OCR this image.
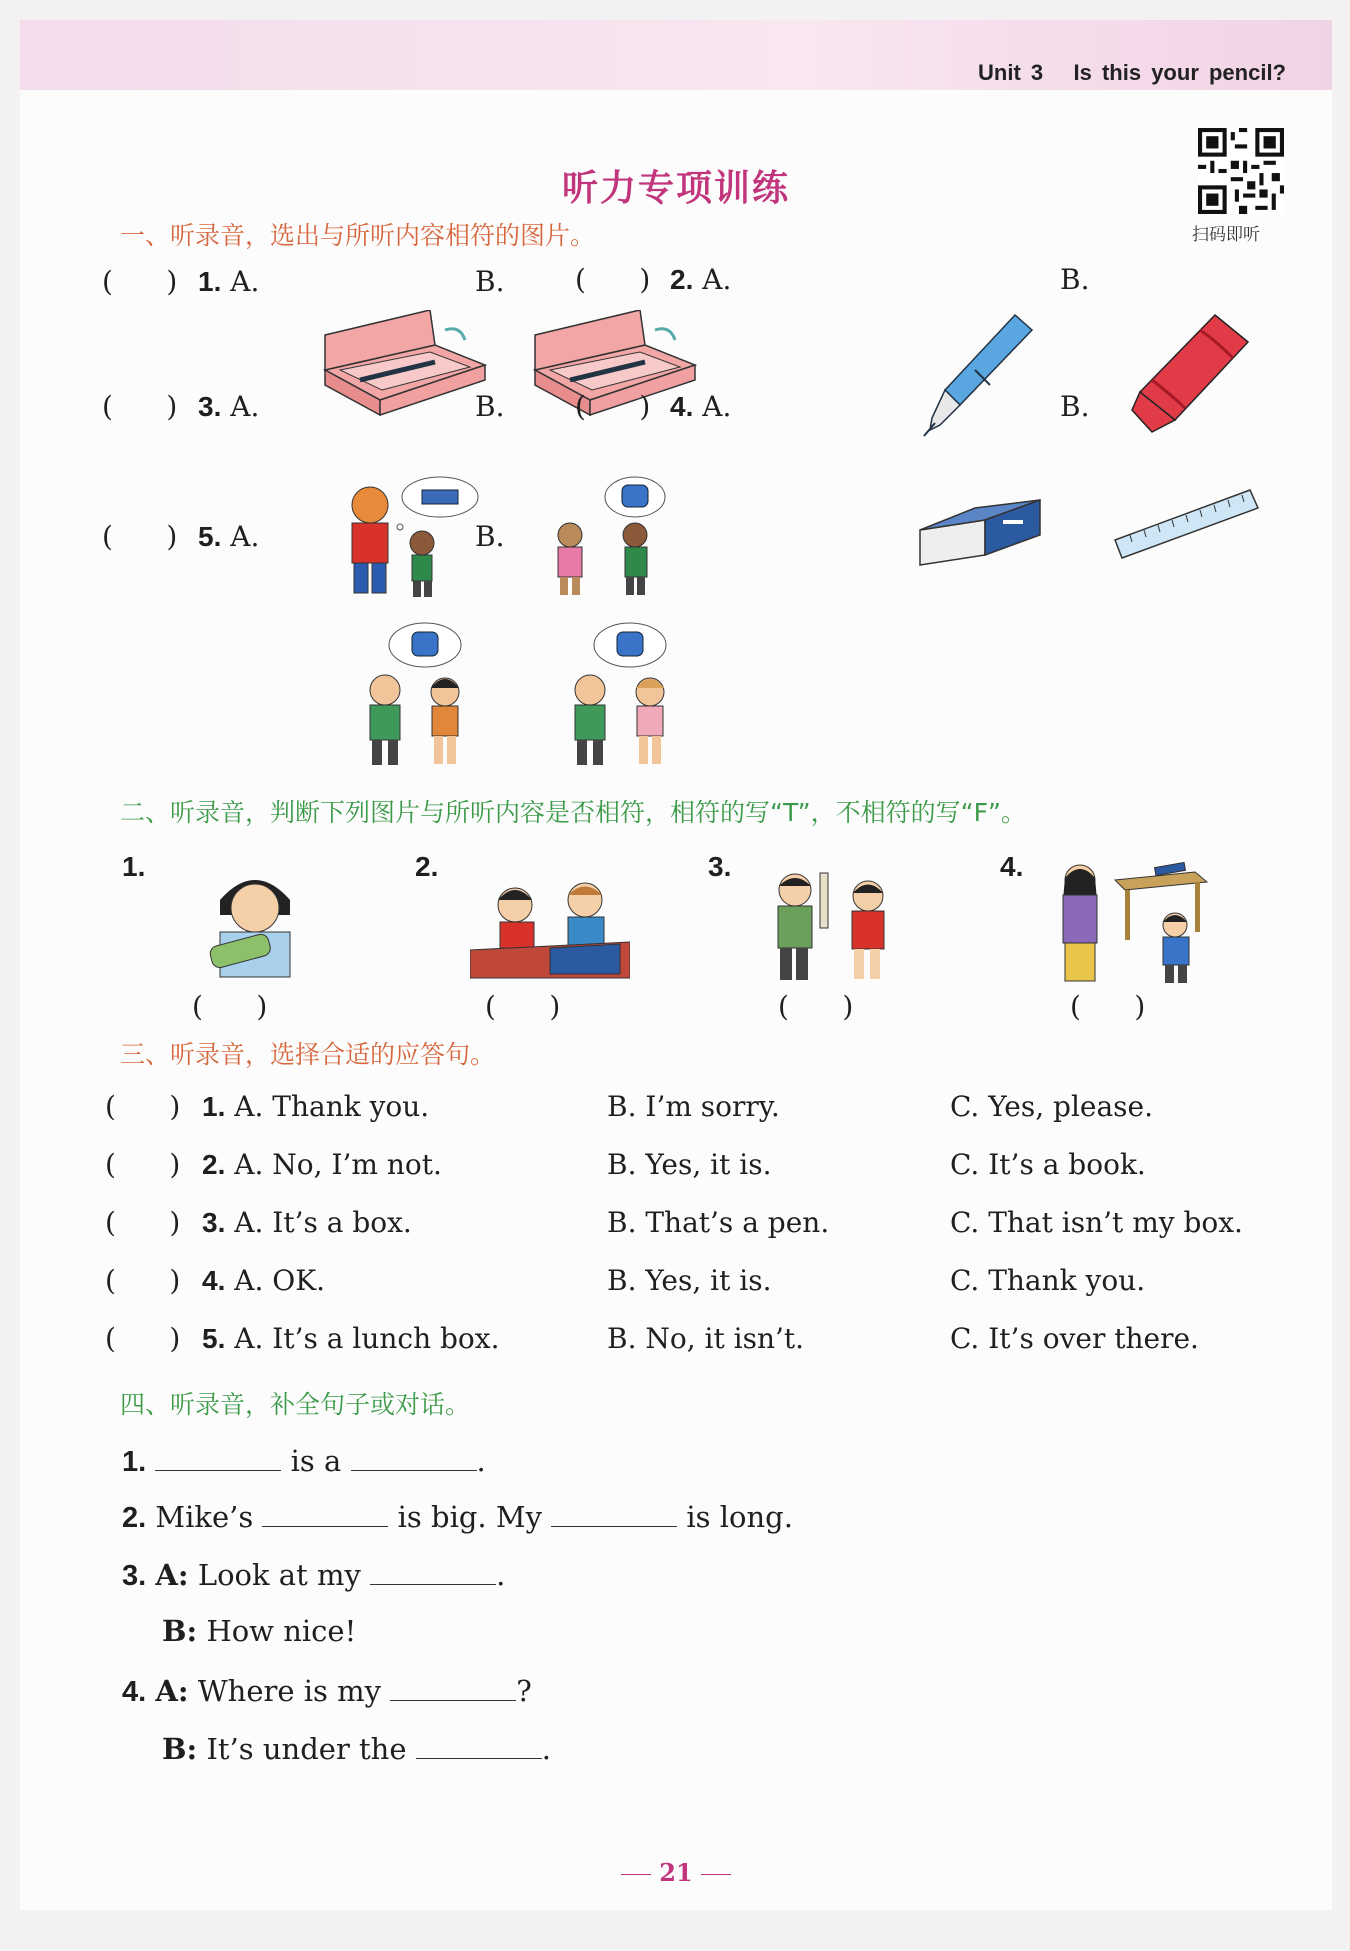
Unit 3 Is this your pencil?
听力专项训练
扫码即听
一、听录音，选出与所听内容相符的图片。
(      ) 1. A.	B.	(      ) 2. A.	B.
(      ) 3. A.	B.	(      ) 4. A.	B.
(      ) 5. A.	B.
二、听录音，判断下列图片与所听内容是否相符，相符的写“T”，不相符的写“F”。
1.	2.	3.	4.
(      )	(      )	(      )	(      )
三、听录音，选择合适的应答句。
(      ) 1. A. Thank you.	B. I’m sorry.	C. Yes, please.
(      ) 2. A. No, I’m not.	B. Yes, it is.	C. It’s a book.
(      ) 3. A. It’s a box.	B. That’s a pen.	C. That isn’t my box.
(      ) 4. A. OK.	B. Yes, it is.	C. Thank you.
(      ) 5. A. It’s a lunch box.	B. No, it isn’t.	C. It’s over there.
四、听录音，补全句子或对话。
1.	is a	.
2. Mike’s	is big. My	is long.
3. A: Look at my	.
B: How nice!
4. A: Where is my	?
B: It’s under the	.
21
